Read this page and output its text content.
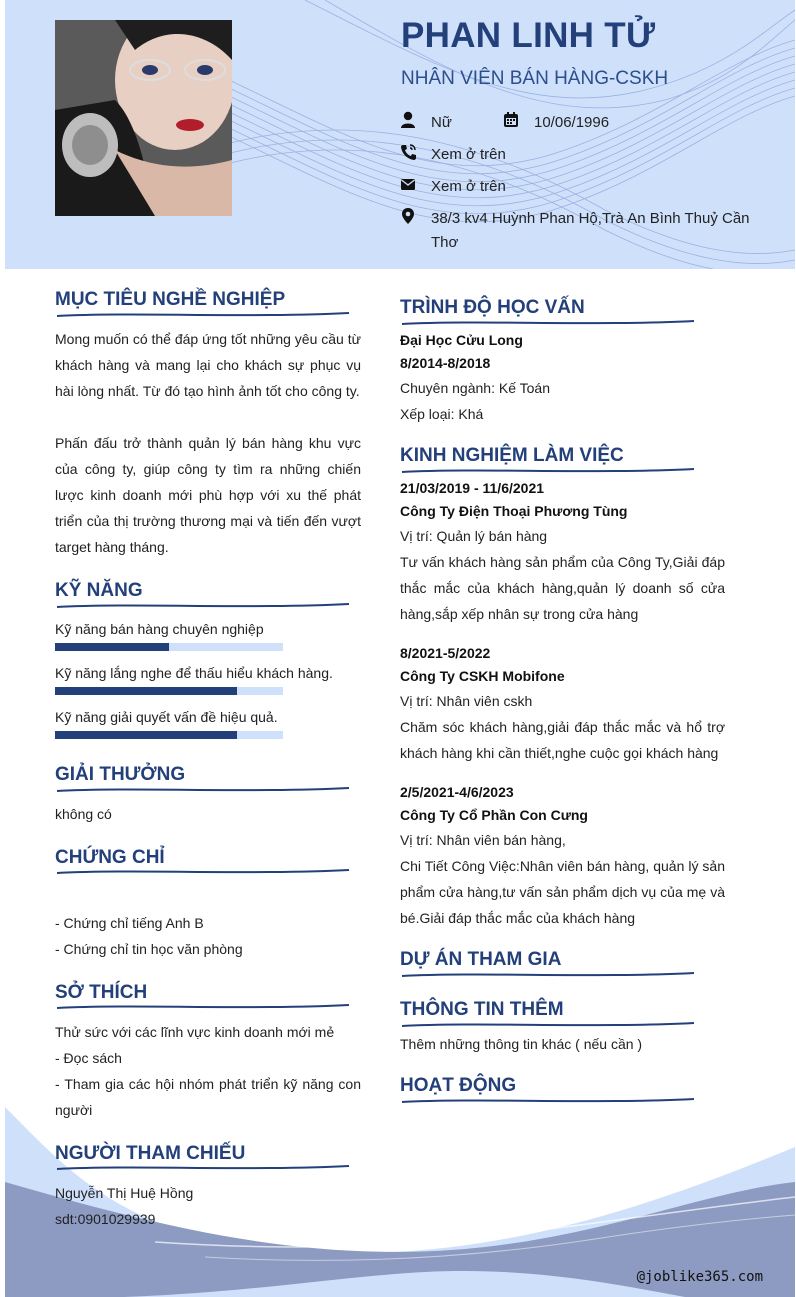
PHAN LINH TỬ
NHÂN VIÊN BÁN HÀNG-CSKH
Nữ	10/06/1996
Xem ở trên
Xem ở trên
38/3 kv4 Huỳnh Phan Hộ,Trà An Bình Thuỷ Cần Thơ
MỤC TIÊU NGHỀ NGHIỆP
Mong muốn có thể đáp ứng tốt những yêu cầu từ khách hàng và mang lại cho khách sự phục vụ hài lòng nhất. Từ đó tạo hình ảnh tốt cho công ty.
Phấn đấu trở thành quản lý bán hàng khu vực của công ty, giúp công ty tìm ra những chiến lược kinh doanh mới phù hợp với xu thế phát triển của thị trường thương mại và tiến đến vượt target hàng tháng.
KỸ NĂNG
Kỹ năng bán hàng chuyên nghiệp
Kỹ năng lắng nghe để thấu hiểu khách hàng.
Kỹ năng giải quyết vấn đề hiệu quả.
GIẢI THƯỞNG
không có
CHỨNG CHỈ
- Chứng chỉ tiếng Anh B
- Chứng chỉ tin học văn phòng
SỞ THÍCH
Thử sức với các lĩnh vực kinh doanh mới mẻ
- Đọc sách
- Tham gia các hội nhóm phát triển kỹ năng con người
NGƯỜI THAM CHIẾU
Nguyễn Thị Huệ Hồng
sdt:0901029939
TRÌNH ĐỘ HỌC VẤN
Đại Học Cửu Long
8/2014-8/2018
Chuyên ngành: Kế Toán
Xếp loại: Khá
KINH NGHIỆM LÀM VIỆC
21/03/2019 - 11/6/2021
Công Ty Điện Thoại Phương Tùng
Vị trí: Quản lý bán hàng
Tư vấn khách hàng sản phẩm của Công Ty,Giải đáp thắc mắc của khách hàng,quản lý doanh số cửa hàng,sắp xếp nhân sự trong cửa hàng
8/2021-5/2022
Công Ty CSKH Mobifone
Vị trí: Nhân viên cskh
Chăm sóc khách hàng,giải đáp thắc mắc và hổ trợ khách hàng khi cần thiết,nghe cuộc gọi khách hàng
2/5/2021-4/6/2023
Công Ty Cổ Phần Con Cưng
Vị trí: Nhân viên bán hàng,
Chi Tiết Công Việc:Nhân viên bán hàng, quản lý sản phẩm cửa hàng,tư vấn sản phẩm dịch vụ của mẹ và bé.Giải đáp thắc mắc của khách hàng
DỰ ÁN THAM GIA
THÔNG TIN THÊM
Thêm những thông tin khác ( nếu cần )
HOẠT ĐỘNG
@joblike365.com
